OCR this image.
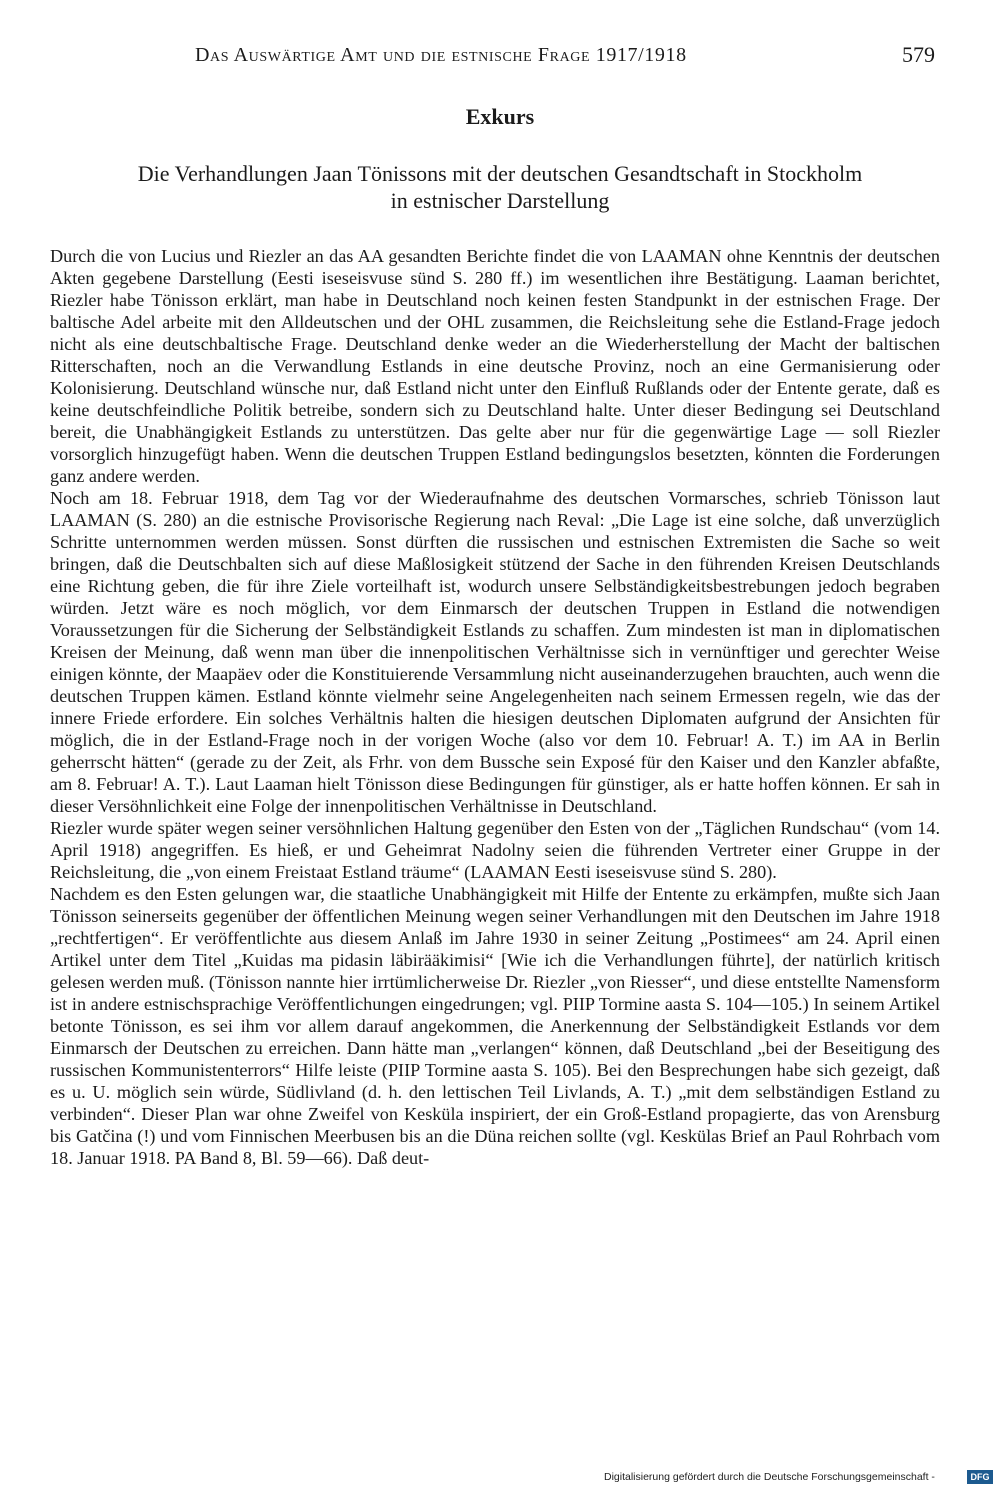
Das Auswärtige Amt und die estnische Frage 1917/1918	579
Exkurs
Die Verhandlungen Jaan Tönissons mit der deutschen Gesandtschaft in Stockholm
in estnischer Darstellung

Durch die von Lucius und Riezler an das AA gesandten Berichte findet die von LAAMAN ohne Kenntnis der deutschen Akten gegebene Darstellung (Eesti iseseisvuse sünd S. 280 ff.) im wesentlichen ihre Bestätigung. Laaman berichtet, Riezler habe Tönisson erklärt, man habe in Deutschland noch keinen festen Standpunkt in der estnischen Frage. Der baltische Adel arbeite mit den Alldeutschen und der OHL zusammen, die Reichsleitung sehe die Estland-Frage jedoch nicht als eine deutschbaltische Frage. Deutschland denke weder an die Wiederherstellung der Macht der baltischen Ritterschaften, noch an die Verwandlung Estlands in eine deutsche Provinz, noch an eine Germanisierung oder Kolonisierung. Deutschland wünsche nur, daß Estland nicht unter den Einfluß Rußlands oder der Entente gerate, daß es keine deutschfeindliche Politik betreibe, sondern sich zu Deutschland halte. Unter dieser Bedingung sei Deutschland bereit, die Unabhängigkeit Estlands zu unterstützen. Das gelte aber nur für die gegenwärtige Lage — soll Riezler vorsorglich hinzugefügt haben. Wenn die deutschen Truppen Estland bedingungslos besetzten, könnten die Forderungen ganz andere werden.

Noch am 18. Februar 1918, dem Tag vor der Wiederaufnahme des deutschen Vormarsches, schrieb Tönisson laut LAAMAN (S. 280) an die estnische Provisorische Regierung nach Reval: „Die Lage ist eine solche, daß unverzüglich Schritte unternommen werden müssen. Sonst dürften die russischen und estnischen Extremisten die Sache so weit bringen, daß die Deutschbalten sich auf diese Maßlosigkeit stützend der Sache in den führenden Kreisen Deutschlands eine Richtung geben, die für ihre Ziele vorteilhaft ist, wodurch unsere Selbständigkeitsbestrebungen jedoch begraben würden. Jetzt wäre es noch möglich, vor dem Einmarsch der deutschen Truppen in Estland die notwendigen Voraussetzungen für die Sicherung der Selbständigkeit Estlands zu schaffen. Zum mindesten ist man in diplomatischen Kreisen der Meinung, daß wenn man über die innenpolitischen Verhältnisse sich in vernünftiger und gerechter Weise einigen könnte, der Maapäev oder die Konstituierende Versammlung nicht auseinanderzugehen brauchten, auch wenn die deutschen Truppen kämen. Estland könnte vielmehr seine Angelegenheiten nach seinem Ermessen regeln, wie das der innere Friede erfordere. Ein solches Verhältnis halten die hiesigen deutschen Diplomaten aufgrund der Ansichten für möglich, die in der Estland-Frage noch in der vorigen Woche (also vor dem 10. Februar! A. T.) im AA in Berlin geherrscht hätten“ (gerade zu der Zeit, als Frhr. von dem Bussche sein Exposé für den Kaiser und den Kanzler abfaßte, am 8. Februar! A. T.). Laut Laaman hielt Tönisson diese Bedingungen für günstiger, als er hatte hoffen können. Er sah in dieser Versöhnlichkeit eine Folge der innenpolitischen Verhältnisse in Deutschland.

Riezler wurde später wegen seiner versöhnlichen Haltung gegenüber den Esten von der „Täglichen Rundschau“ (vom 14. April 1918) angegriffen. Es hieß, er und Geheimrat Nadolny seien die führenden Vertreter einer Gruppe in der Reichsleitung, die „von einem Freistaat Estland träume“ (LAAMAN Eesti iseseisvuse sünd S. 280).

Nachdem es den Esten gelungen war, die staatliche Unabhängigkeit mit Hilfe der Entente zu erkämpfen, mußte sich Jaan Tönisson seinerseits gegenüber der öffentlichen Meinung wegen seiner Verhandlungen mit den Deutschen im Jahre 1918 „rechtfertigen“. Er veröffentlichte aus diesem Anlaß im Jahre 1930 in seiner Zeitung „Postimees“ am 24. April einen Artikel unter dem Titel „Kuidas ma pidasin läbirääkimisi“ [Wie ich die Verhandlungen führte], der natürlich kritisch gelesen werden muß. (Tönisson nannte hier irrtümlicherweise Dr. Riezler „von Riesser“, und diese entstellte Namensform ist in andere estnischsprachige Veröffentlichungen eingedrungen; vgl. PIIP Tormine aasta S. 104—105.) In seinem Artikel betonte Tönisson, es sei ihm vor allem darauf angekommen, die Anerkennung der Selbständigkeit Estlands vor dem Einmarsch der Deutschen zu erreichen. Dann hätte man „verlangen“ können, daß Deutschland „bei der Beseitigung des russischen Kommunistenterrors“ Hilfe leiste (PIIP Tormine aasta S. 105). Bei den Besprechungen habe sich gezeigt, daß es u. U. möglich sein würde, Südlivland (d. h. den lettischen Teil Livlands, A. T.) „mit dem selbständigen Estland zu verbinden“. Dieser Plan war ohne Zweifel von Kesküla inspiriert, der ein Groß-Estland propagierte, das von Arensburg bis Gatčina (!) und vom Finnischen Meerbusen bis an die Düna reichen sollte (vgl. Keskülas Brief an Paul Rohrbach vom 18. Januar 1918. PA Band 8, Bl. 59—66). Daß deut-

Digitalisierung gefördert durch die Deutsche Forschungsgemeinschaft -	DFG
